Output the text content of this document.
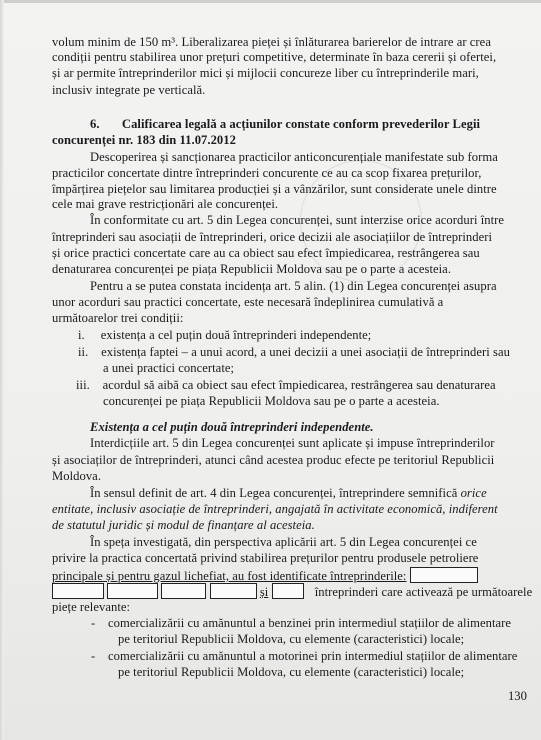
volum minim de 150 m³. Liberalizarea pieței și înlăturarea barierelor de intrare ar crea
condiții pentru stabilirea unor prețuri competitive, determinate în baza cererii și ofertei,
și ar permite întreprinderilor mici și mijlocii concureze liber cu întreprinderile mari,
inclusiv integrate pe verticală.
6.       Calificarea legală a acțiunilor constate conform prevederilor Legii
concurenței nr. 183 din 11.07.2012
Descoperirea și sancționarea practicilor anticoncurențiale manifestate sub forma
practicilor concertate dintre întreprinderi concurente ce au ca scop fixarea prețurilor,
împărțirea piețelor sau limitarea producției și a vânzărilor, sunt considerate unele dintre
cele mai grave restricționări ale concurenței.
În conformitate cu art. 5 din Legea concurenței, sunt interzise orice acorduri între
întreprinderi sau asociații de întreprinderi, orice decizii ale asociațiilor de întreprinderi
și orice practici concertate care au ca obiect sau efect împiedicarea, restrângerea sau
denaturarea concurenței pe piața Republicii Moldova sau pe o parte a acesteia.
Pentru a se putea constata incidența art. 5 alin. (1) din Legea concurenței asupra
unor acorduri sau practici concertate, este necesară îndeplinirea cumulativă a
următoarelor trei condiții:
i.     existența a cel puțin două întreprinderi independente;
ii.    existența faptei – a unui acord, a unei decizii a unei asociații de întreprinderi sau
a unei practici concertate;
iii.    acordul să aibă ca obiect sau efect împiedicarea, restrângerea sau denaturarea
concurenței pe piața Republicii Moldova sau pe o parte a acesteia.
Existența a cel puțin două întreprinderi independente.
Interdicțiile art. 5 din Legea concurenței sunt aplicate și impuse întreprinderilor
și asociaților de întreprinderi, atunci când acestea produc efecte pe teritoriul Republicii
Moldova.
În sensul definit de art. 4 din Legea concurenței, întreprindere semnifică orice
entitate, inclusiv asociație de întreprinderi, angajată în activitate economică, indiferent
de statutul juridic și modul de finanțare al acesteia.
În speța investigată, din perspectiva aplicării art. 5 din Legea concurenței ce
privire la practica concertată privind stabilirea prețurilor pentru produsele petroliere
principale și pentru gazul lichefiat, au fost identificate întreprinderile:
și	întreprinderi care activează pe următoarele
piețe relevante:
-    comercializării cu amănuntul a benzinei prin intermediul stațiilor de alimentare
pe teritoriul Republicii Moldova, cu elemente (caracteristici) locale;
-    comercializării cu amănuntul a motorinei prin intermediul stațiilor de alimentare
pe teritoriul Republicii Moldova, cu elemente (caracteristici) locale;
130
